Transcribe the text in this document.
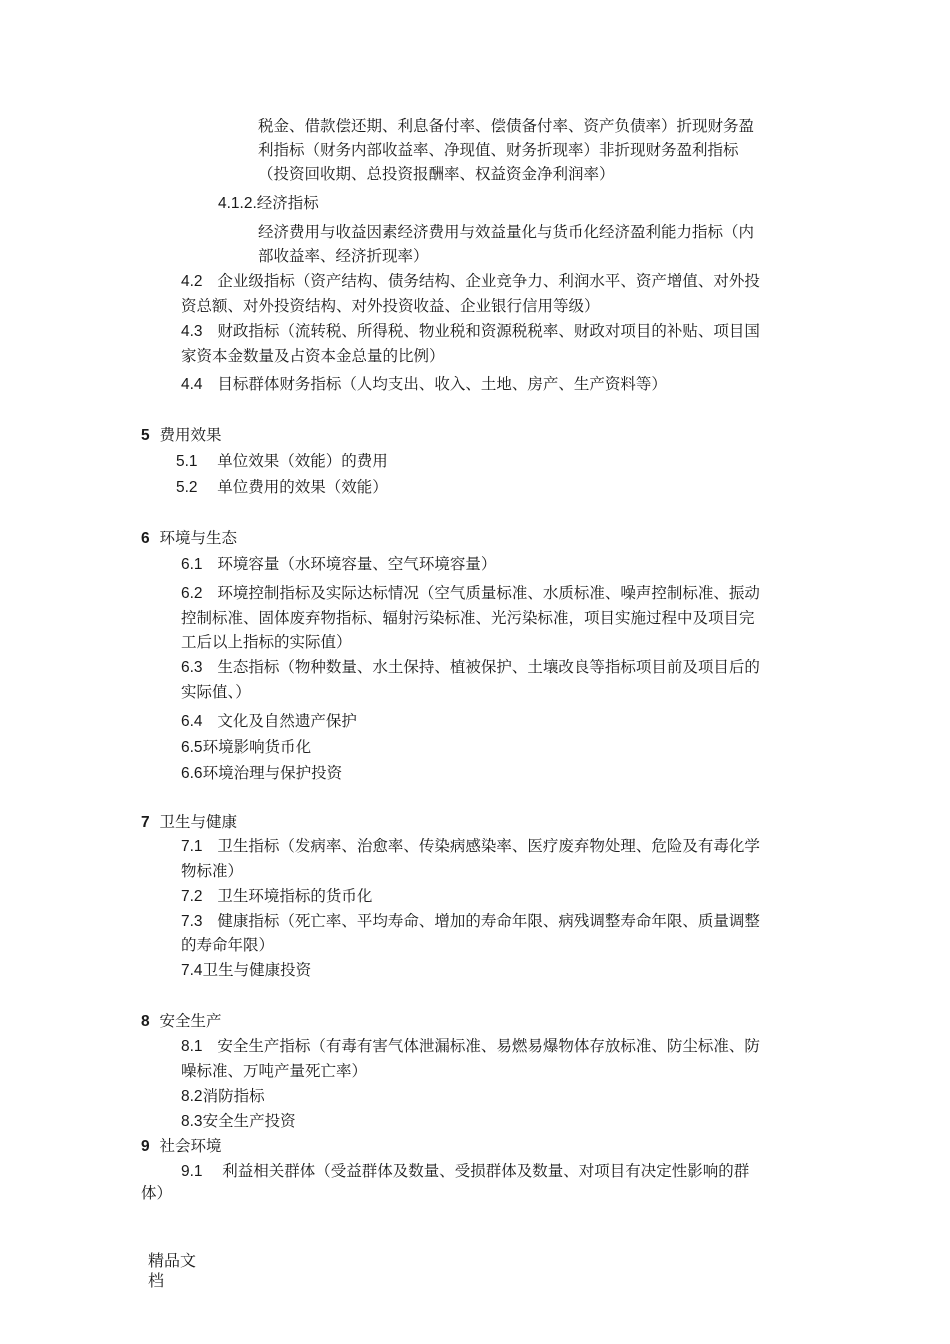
税金、借款偿还期、利息备付率、偿债备付率、资产负债率）折现财务盈
利指标（财务内部收益率、净现值、财务折现率）非折现财务盈利指标
（投资回收期、总投资报酬率、权益资金净利润率）
4.1.2.经济指标
经济费用与收益因素经济费用与效益量化与货币化经济盈利能力指标（内
部收益率、经济折现率）
4.2 企业级指标（资产结构、债务结构、企业竞争力、利润水平、资产增值、对外投
资总额、对外投资结构、对外投资收益、企业银行信用等级）
4.3 财政指标（流转税、所得税、物业税和资源税税率、财政对项目的补贴、项目国
家资本金数量及占资本金总量的比例）
4.4 目标群体财务指标（人均支出、收入、土地、房产、生产资料等）
5 费用效果
5.1 单位效果（效能）的费用
5.2 单位费用的效果（效能）
6 环境与生态
6.1 环境容量（水环境容量、空气环境容量）
6.2 环境控制指标及实际达标情况（空气质量标准、水质标准、噪声控制标准、振动
控制标准、固体废弃物指标、辐射污染标准、光污染标准，项目实施过程中及项目完
工后以上指标的实际值）
6.3 生态指标（物种数量、水土保持、植被保护、土壤改良等指标项目前及项目后的
实际值、）
6.4 文化及自然遗产保护
6.5环境影响货币化
6.6环境治理与保护投资
7 卫生与健康
7.1 卫生指标（发病率、治愈率、传染病感染率、医疗废弃物处理、危险及有毒化学
物标准）
7.2 卫生环境指标的货币化
7.3 健康指标（死亡率、平均寿命、增加的寿命年限、病残调整寿命年限、质量调整
的寿命年限）
7.4卫生与健康投资
8 安全生产
8.1 安全生产指标（有毒有害气体泄漏标准、易燃易爆物体存放标准、防尘标准、防
噪标准、万吨产量死亡率）
8.2消防指标
8.3安全生产投资
9 社会环境
9.1 利益相关群体（受益群体及数量、受损群体及数量、对项目有决定性影响的群
体）
精品文
档
